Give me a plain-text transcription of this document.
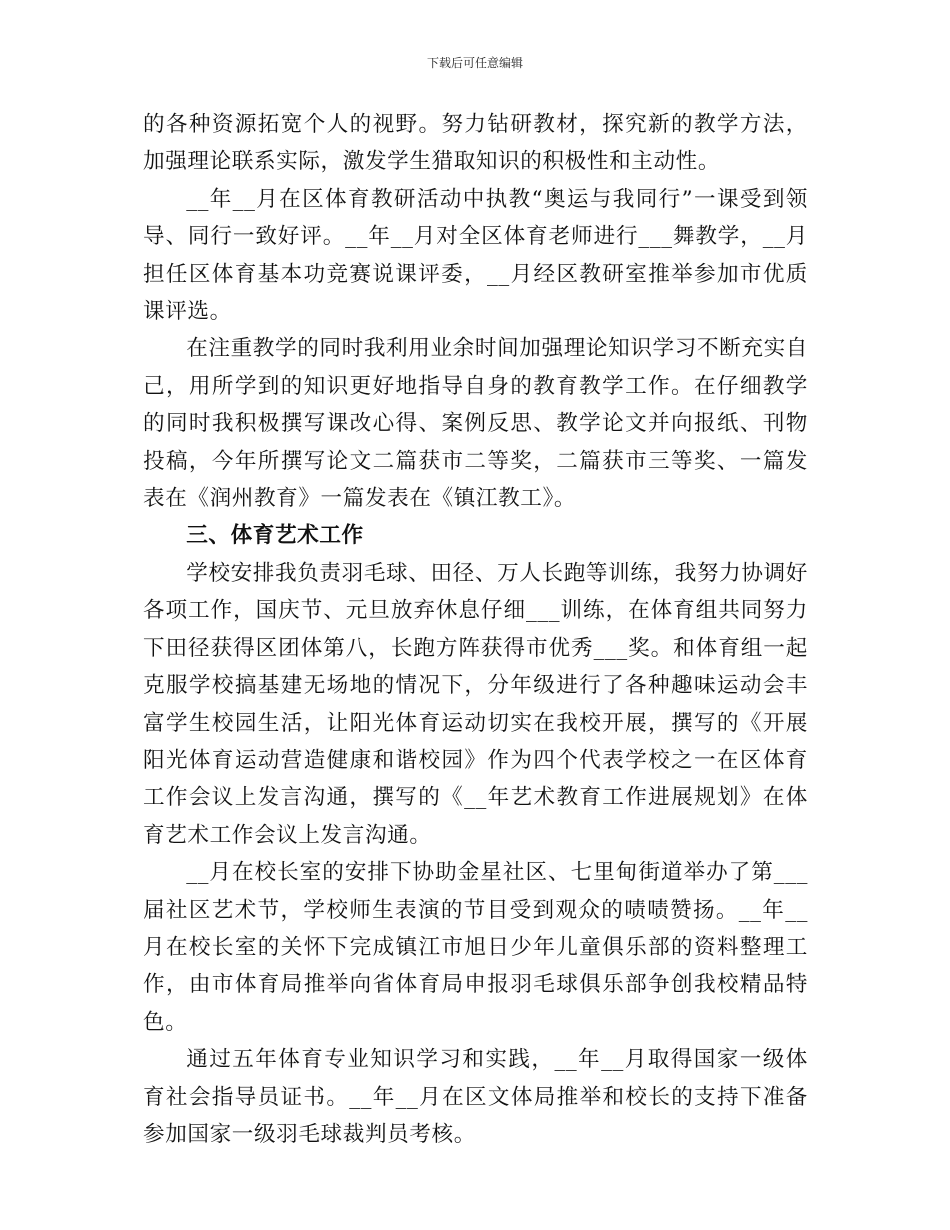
下载后可任意编辑

的各种资源拓宽个人的视野。努力钻研教材，探究新的教学方法，加强理论联系实际，激发学生猎取知识的积极性和主动性。

__年__月在区体育教研活动中执教“奥运与我同行”一课受到领导、同行一致好评。__年__月对全区体育老师进行___舞教学，__月担任区体育基本功竞赛说课评委，__月经区教研室推举参加市优质课评选。

在注重教学的同时我利用业余时间加强理论知识学习不断充实自己，用所学到的知识更好地指导自身的教育教学工作。在仔细教学的同时我积极撰写课改心得、案例反思、教学论文并向报纸、刊物投稿，今年所撰写论文二篇获市二等奖，二篇获市三等奖、一篇发表在《润州教育》一篇发表在《镇江教工》。

三、体育艺术工作

学校安排我负责羽毛球、田径、万人长跑等训练，我努力协调好各项工作，国庆节、元旦放弃休息仔细___训练，在体育组共同努力下田径获得区团体第八，长跑方阵获得市优秀___奖。和体育组一起克服学校搞基建无场地的情况下，分年级进行了各种趣味运动会丰富学生校园生活，让阳光体育运动切实在我校开展，撰写的《开展阳光体育运动营造健康和谐校园》作为四个代表学校之一在区体育工作会议上发言沟通，撰写的《__年艺术教育工作进展规划》在体育艺术工作会议上发言沟通。

__月在校长室的安排下协助金星社区、七里甸街道举办了第___届社区艺术节，学校师生表演的节目受到观众的啧啧赞扬。__年__月在校长室的关怀下完成镇江市旭日少年儿童俱乐部的资料整理工作，由市体育局推举向省体育局申报羽毛球俱乐部争创我校精品特色。

通过五年体育专业知识学习和实践，__年__月取得国家一级体育社会指导员证书。__年__月在区文体局推举和校长的支持下准备参加国家一级羽毛球裁判员考核。
